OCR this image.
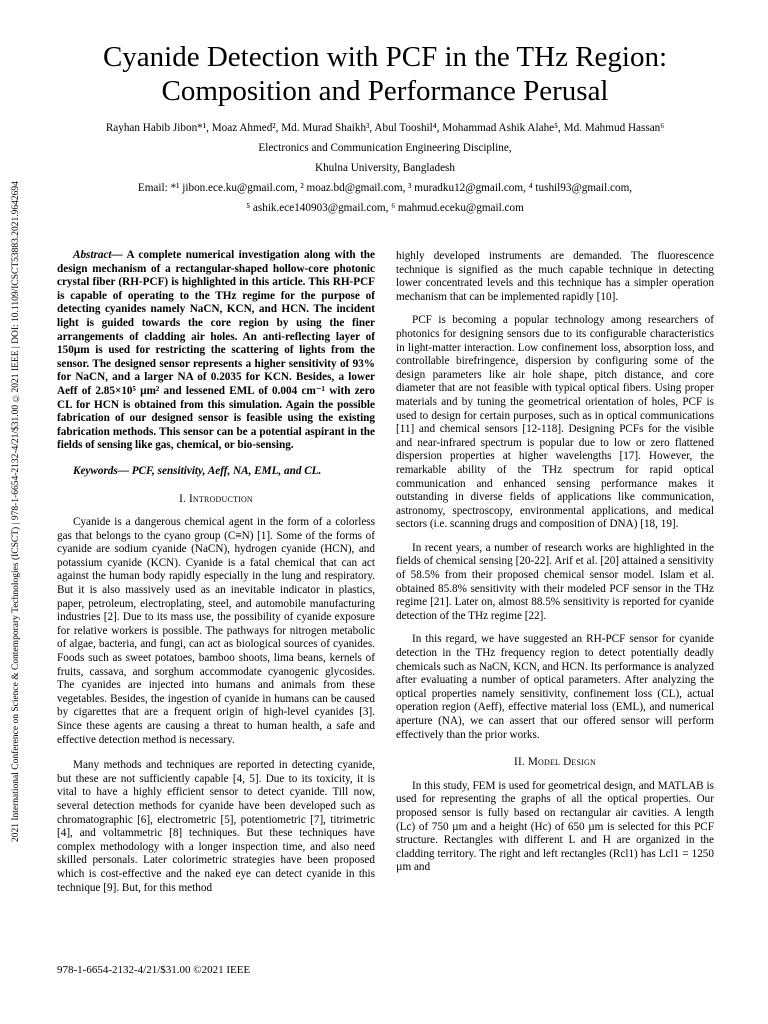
2021 International Conference on Science & Contemporary Technologies (ICSCT) | 978-1-6654-2132-4/21/$31.00 ©2021 IEEE | DOI: 10.1109/ICSCT53883.2021.9642694
Cyanide Detection with PCF in the THz Region:
Composition and Performance Perusal
Rayhan Habib Jibon*¹, Moaz Ahmed², Md. Murad Shaikh³, Abul Tooshil⁴, Mohammad Ashik Alahe⁵, Md. Mahmud Hassan⁶
Electronics and Communication Engineering Discipline,
Khulna University, Bangladesh
Email: *¹ jibon.ece.ku@gmail.com, ² moaz.bd@gmail.com, ³ muradku12@gmail.com, ⁴ tushil93@gmail.com,
⁵ ashik.ece140903@gmail.com, ⁶ mahmud.eceku@gmail.com

Abstract— A complete numerical investigation along with the design mechanism of a rectangular-shaped hollow-core photonic crystal fiber (RH-PCF) is highlighted in this article. This RH-PCF is capable of operating to the THz regime for the purpose of detecting cyanides namely NaCN, KCN, and HCN. The incident light is guided towards the core region by using the finer arrangements of cladding air holes. An anti-reflecting layer of 150µm is used for restricting the scattering of lights from the sensor. The designed sensor represents a higher sensitivity of 93% for NaCN, and a larger NA of 0.2035 for KCN. Besides, a lower Aeff of 2.85×10⁵ µm² and lessened EML of 0.004 cm⁻¹ with zero CL for HCN is obtained from this simulation. Again the possible fabrication of our designed sensor is feasible using the existing fabrication methods. This sensor can be a potential aspirant in the fields of sensing like gas, chemical, or bio-sensing.

Keywords— PCF, sensitivity, Aeff, NA, EML, and CL.

I. Introduction

Cyanide is a dangerous chemical agent in the form of a colorless gas that belongs to the cyano group (C≡N) [1]. Some of the forms of cyanide are sodium cyanide (NaCN), hydrogen cyanide (HCN), and potassium cyanide (KCN). Cyanide is a fatal chemical that can act against the human body rapidly especially in the lung and respiratory. But it is also massively used as an inevitable indicator in plastics, paper, petroleum, electroplating, steel, and automobile manufacturing industries [2]. Due to its mass use, the possibility of cyanide exposure for relative workers is possible. The pathways for nitrogen metabolic of algae, bacteria, and fungi, can act as biological sources of cyanides. Foods such as sweet potatoes, bamboo shoots, lima beans, kernels of fruits, cassava, and sorghum accommodate cyanogenic glycosides. The cyanides are injected into humans and animals from these vegetables. Besides, the ingestion of cyanide in humans can be caused by cigarettes that are a frequent origin of high-level cyanides [3]. Since these agents are causing a threat to human health, a safe and effective detection method is necessary.

Many methods and techniques are reported in detecting cyanide, but these are not sufficiently capable [4, 5]. Due to its toxicity, it is vital to have a highly efficient sensor to detect cyanide. Till now, several detection methods for cyanide have been developed such as chromatographic [6], electrometric [5], potentiometric [7], titrimetric [4], and voltammetric [8] techniques. But these techniques have complex methodology with a longer inspection time, and also need skilled personals. Later colorimetric strategies have been proposed which is cost-effective and the naked eye can detect cyanide in this technique [9]. But, for this method

highly developed instruments are demanded. The fluorescence technique is signified as the much capable technique in detecting lower concentrated levels and this technique has a simpler operation mechanism that can be implemented rapidly [10].

PCF is becoming a popular technology among researchers of photonics for designing sensors due to its configurable characteristics in light-matter interaction. Low confinement loss, absorption loss, and controllable birefringence, dispersion by configuring some of the design parameters like air hole shape, pitch distance, and core diameter that are not feasible with typical optical fibers. Using proper materials and by tuning the geometrical orientation of holes, PCF is used to design for certain purposes, such as in optical communications [11] and chemical sensors [12-118]. Designing PCFs for the visible and near-infrared spectrum is popular due to low or zero flattened dispersion properties at higher wavelengths [17]. However, the remarkable ability of the THz spectrum for rapid optical communication and enhanced sensing performance makes it outstanding in diverse fields of applications like communication, astronomy, spectroscopy, environmental applications, and medical sectors (i.e. scanning drugs and composition of DNA) [18, 19].

In recent years, a number of research works are highlighted in the fields of chemical sensing [20-22]. Arif et al. [20] attained a sensitivity of 58.5% from their proposed chemical sensor model. Islam et al. obtained 85.8% sensitivity with their modeled PCF sensor in the THz regime [21]. Later on, almost 88.5% sensitivity is reported for cyanide detection of the THz regime [22].

In this regard, we have suggested an RH-PCF sensor for cyanide detection in the THz frequency region to detect potentially deadly chemicals such as NaCN, KCN, and HCN. Its performance is analyzed after evaluating a number of optical parameters. After analyzing the optical properties namely sensitivity, confinement loss (CL), actual operation region (Aeff), effective material loss (EML), and numerical aperture (NA), we can assert that our offered sensor will perform effectively than the prior works.

II. Model Design

In this study, FEM is used for geometrical design, and MATLAB is used for representing the graphs of all the optical properties. Our proposed sensor is fully based on rectangular air cavities. A length (Lc) of 750 µm and a height (Hc) of 650 µm is selected for this PCF structure. Rectangles with different L and H are organized in the cladding territory. The right and left rectangles (Rcl1) has Lcl1 = 1250 µm and

978-1-6654-2132-4/21/$31.00 ©2021 IEEE
